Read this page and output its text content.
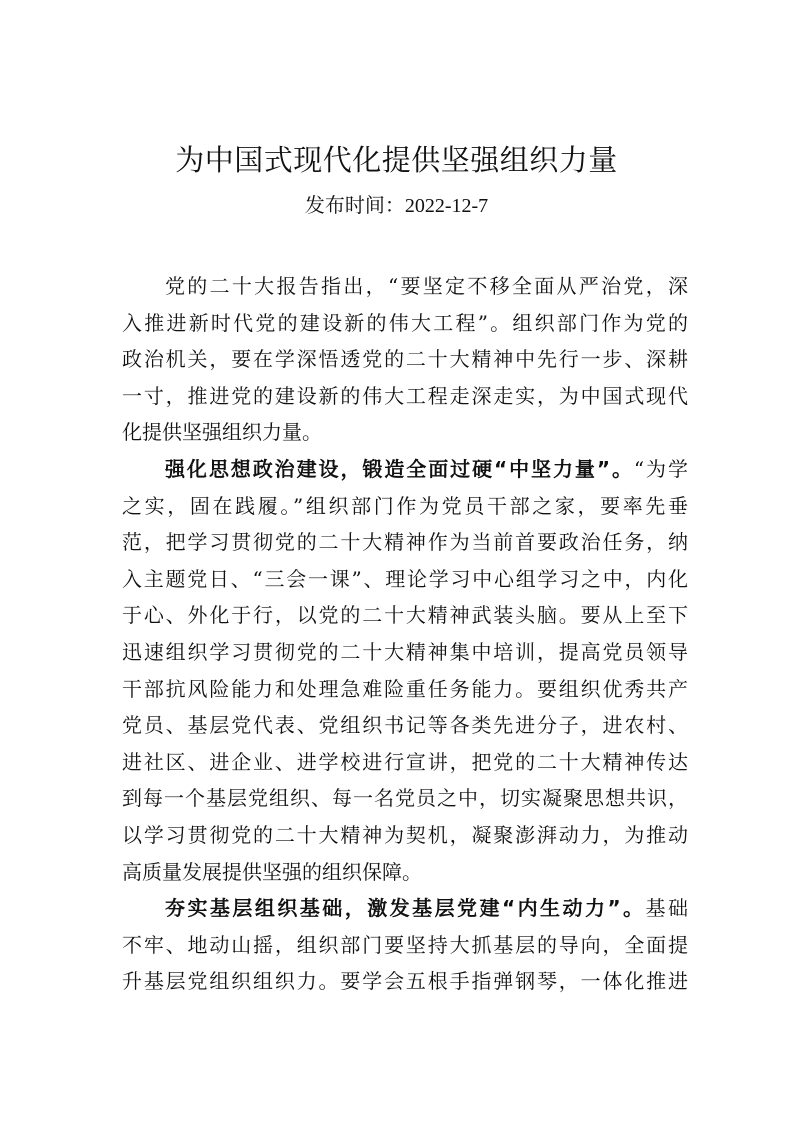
为中国式现代化提供坚强组织力量
发布时间：2022-12-7
党的二十大报告指出，“要坚定不移全面从严治党，深
入推进新时代党的建设新的伟大工程”。组织部门作为党的
政治机关，要在学深悟透党的二十大精神中先行一步、深耕
一寸，推进党的建设新的伟大工程走深走实，为中国式现代
化提供坚强组织力量。
强化思想政治建设，锻造全面过硬“中坚力量”。“为学
之实，固在践履。”组织部门作为党员干部之家，要率先垂
范，把学习贯彻党的二十大精神作为当前首要政治任务，纳
入主题党日、“三会一课”、理论学习中心组学习之中，内化
于心、外化于行，以党的二十大精神武装头脑。要从上至下
迅速组织学习贯彻党的二十大精神集中培训，提高党员领导
干部抗风险能力和处理急难险重任务能力。要组织优秀共产
党员、基层党代表、党组织书记等各类先进分子，进农村、
进社区、进企业、进学校进行宣讲，把党的二十大精神传达
到每一个基层党组织、每一名党员之中，切实凝聚思想共识，
以学习贯彻党的二十大精神为契机，凝聚澎湃动力，为推动
高质量发展提供坚强的组织保障。
夯实基层组织基础，激发基层党建“内生动力”。基础
不牢、地动山摇，组织部门要坚持大抓基层的导向，全面提
升基层党组织组织力。要学会五根手指弹钢琴，一体化推进
